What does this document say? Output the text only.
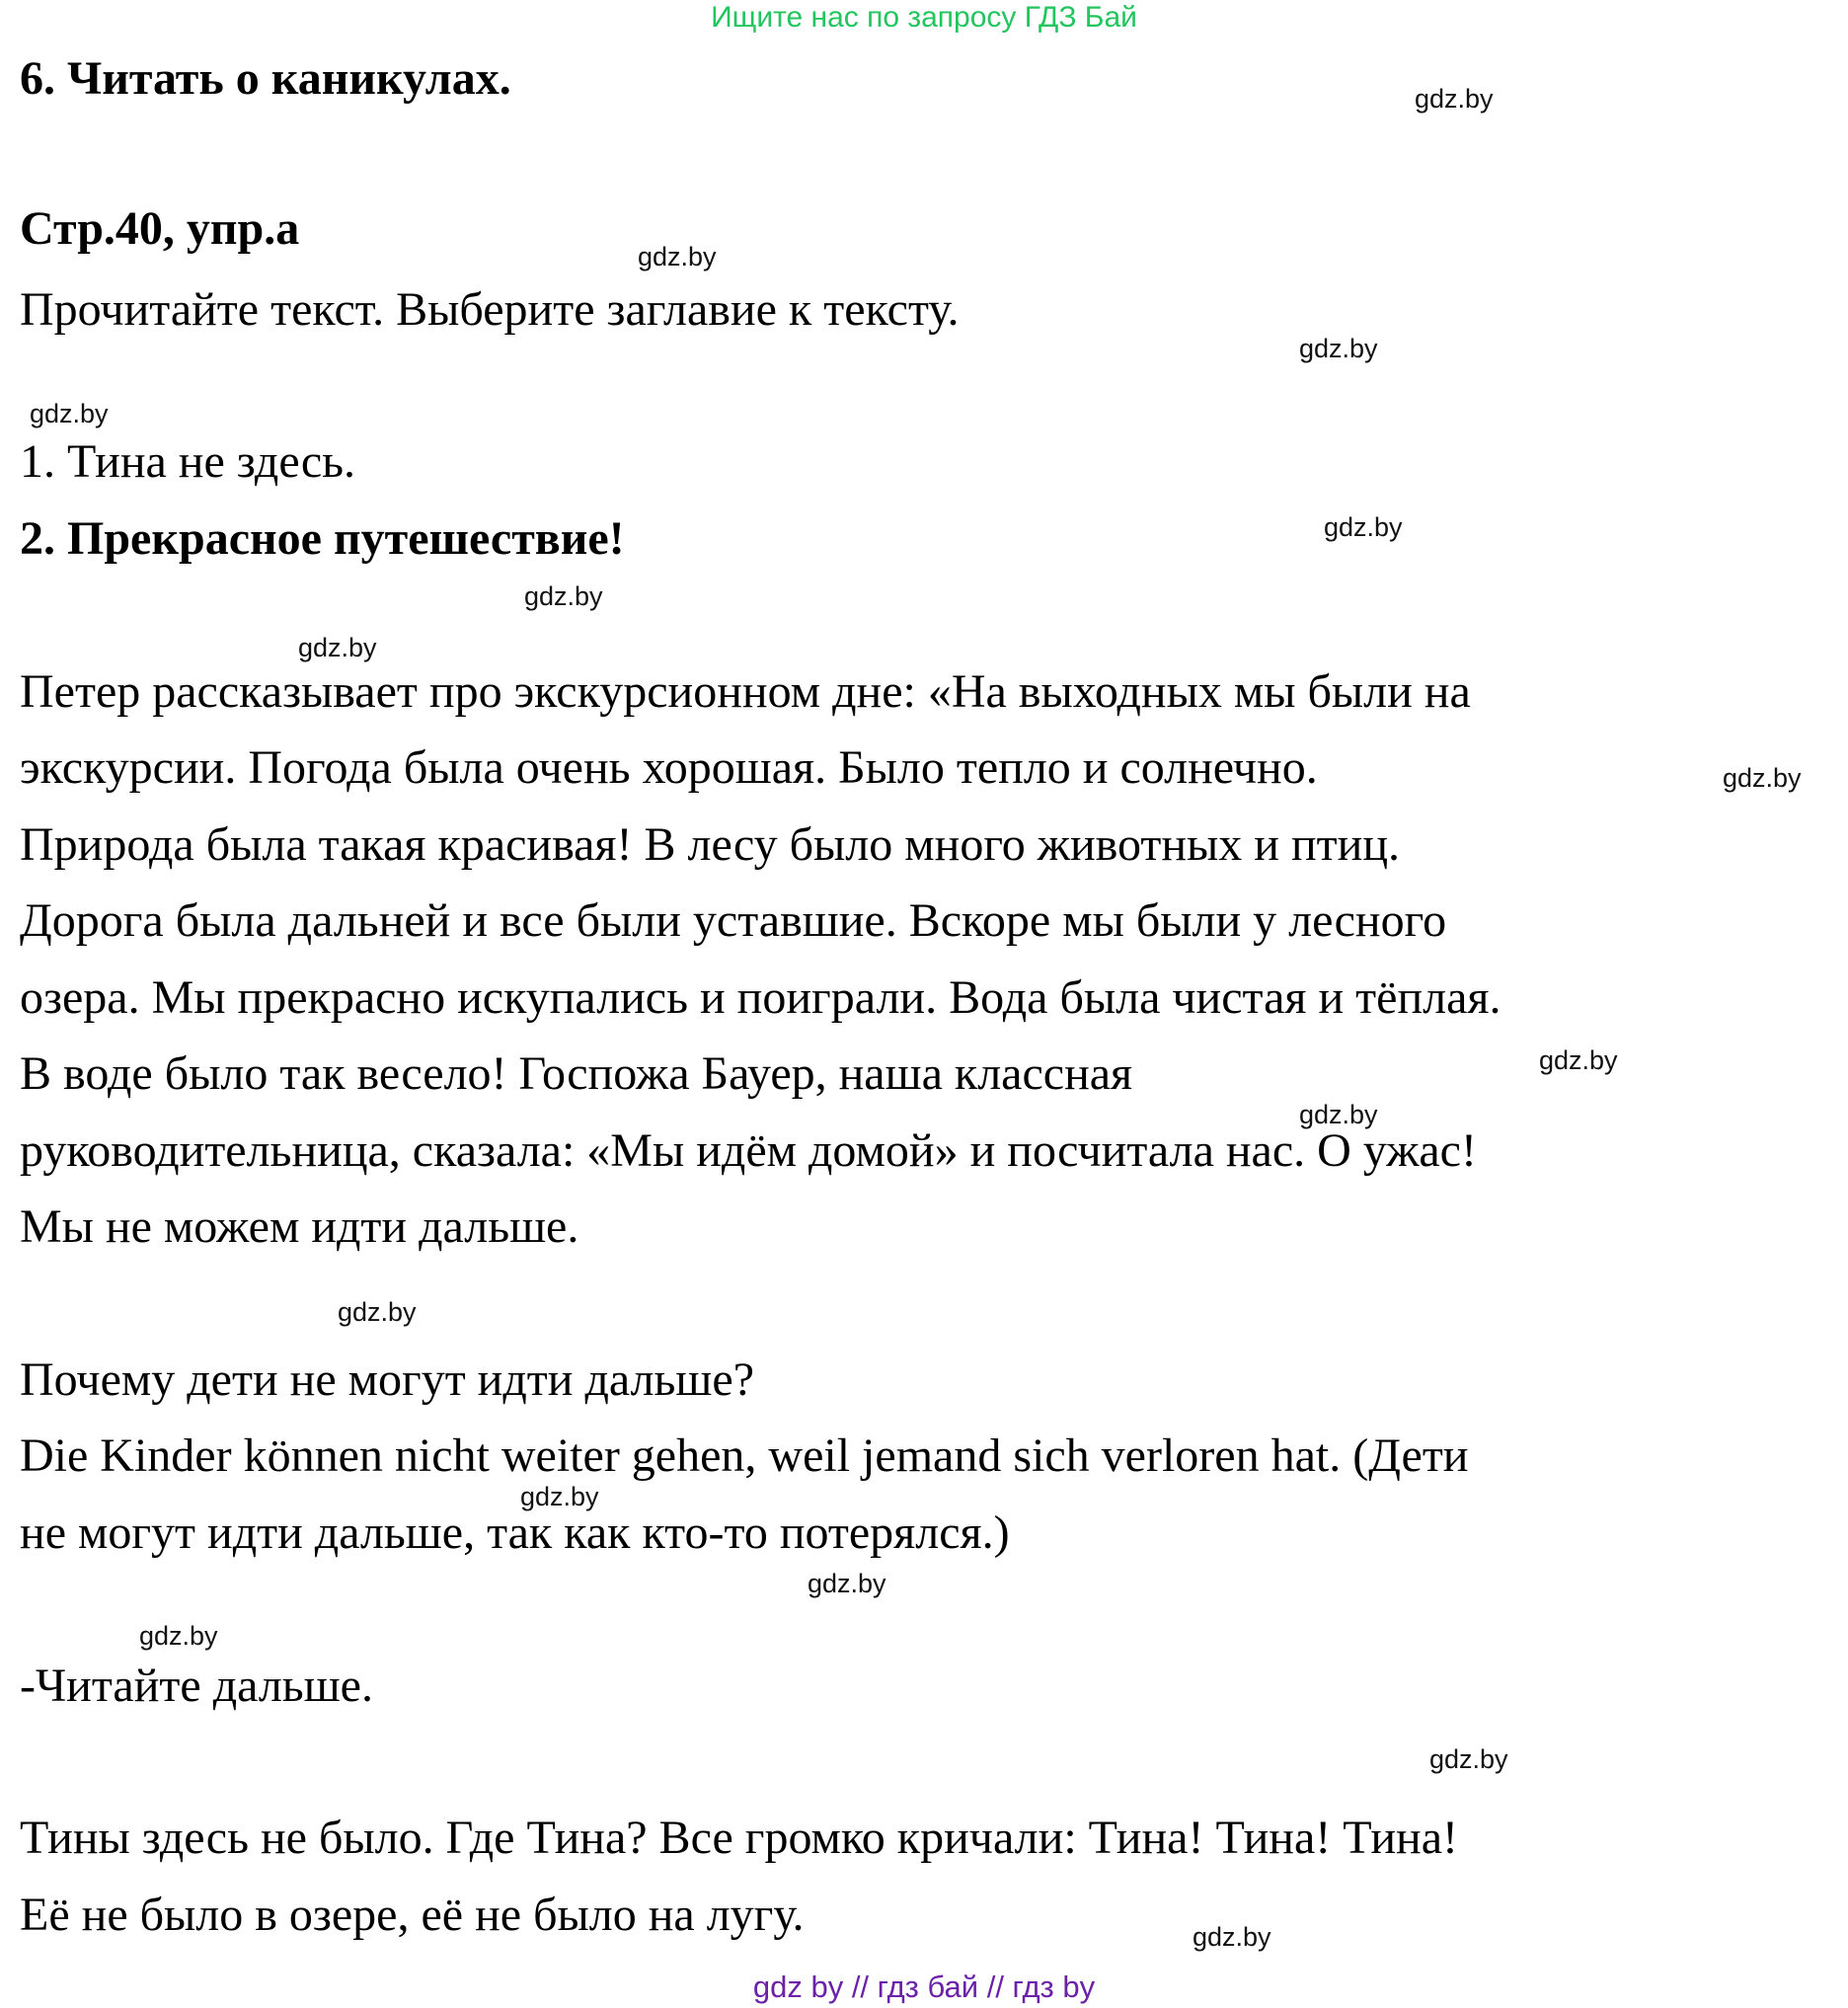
Ищите нас по запросу ГДЗ Бай

6. Читать о каникулах.

Стр.40, упр.а

Прочитайте текст. Выберите заглавие к тексту.

1. Тина не здесь.

2. Прекрасное путешествие!

Петер рассказывает про экскурсионном дне: «На выходных мы были на

экскурсии. Погода была очень хорошая. Было тепло и солнечно.

Природа была такая красивая! В лесу было много животных и птиц.

Дорога была дальней и все были уставшие. Вскоре мы были у лесного

озера. Мы прекрасно искупались и поиграли. Вода была чистая и тёплая.

В воде было так весело! Госпожа Бауер, наша классная

руководительница, сказала: «Мы идём домой» и посчитала нас. О ужас!

Мы не можем идти дальше.

Почему дети не могут идти дальше?

Die Kinder können nicht weiter gehen, weil jemand sich verloren hat. (Дети

не могут идти дальше, так как кто-то потерялся.)

-Читайте дальше.

Тины здесь не было. Где Тина? Все громко кричали: Тина! Тина! Тина!

Её не было в озере, её не было на лугу.

gdz.by
gdz.by
gdz.by
gdz.by
gdz.by
gdz.by
gdz.by
gdz.by
gdz.by
gdz.by
gdz.by
gdz.by
gdz.by
gdz.by
gdz.by
gdz.by
gdz by // гдз бай // гдз by
